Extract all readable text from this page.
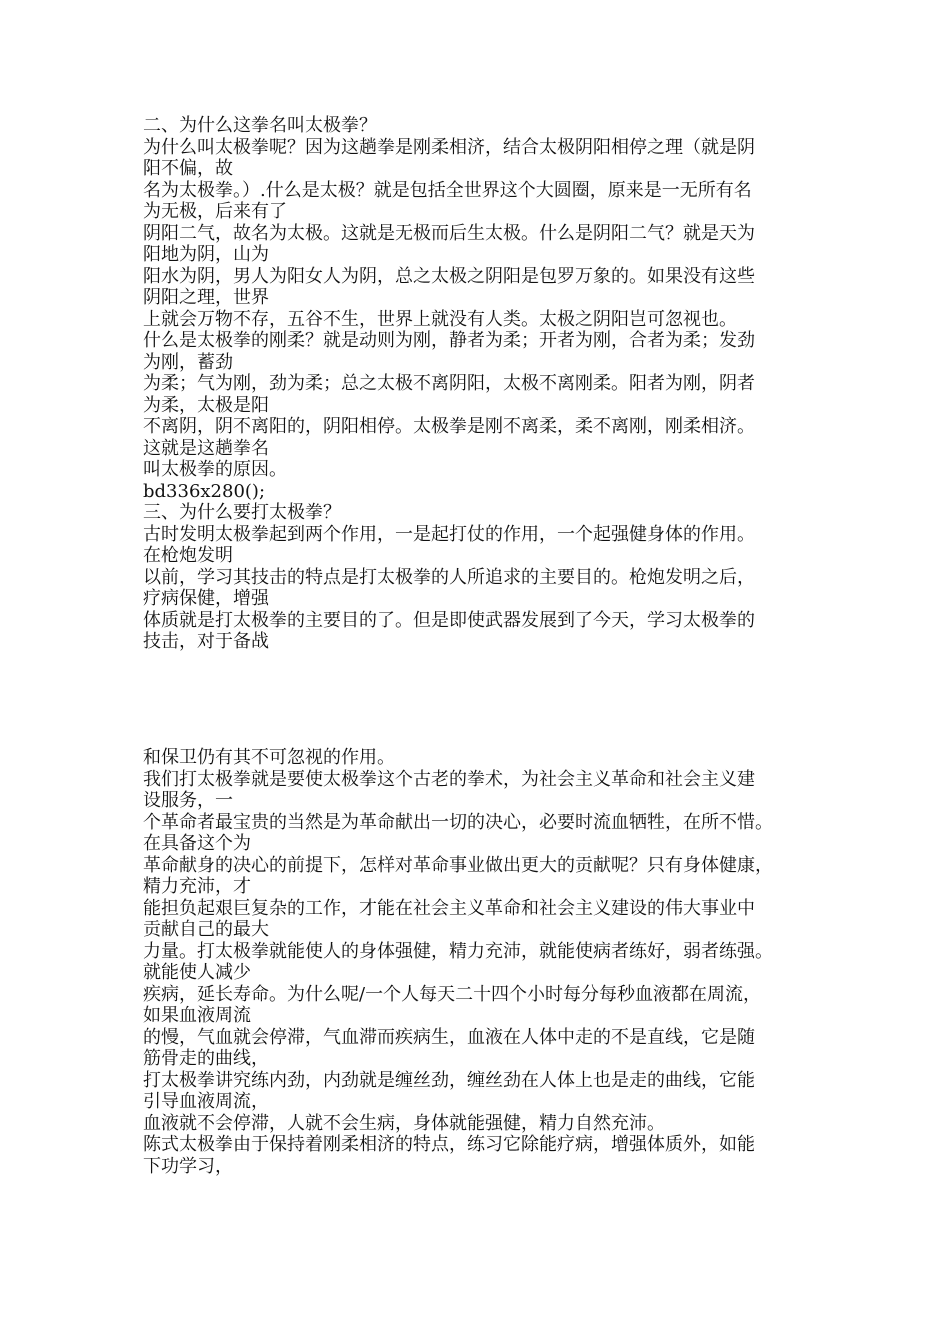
二、为什么这拳名叫太极拳？
为什么叫太极拳呢？因为这趟拳是刚柔相济，结合太极阴阳相停之理（就是阴
阳不偏，故
名为太极拳。）.什么是太极？就是包括全世界这个大圆圈，原来是一无所有名
为无极，后来有了
阴阳二气，故名为太极。这就是无极而后生太极。什么是阴阳二气？就是天为
阳地为阴，山为
阳水为阴，男人为阳女人为阴，总之太极之阴阳是包罗万象的。如果没有这些
阴阳之理，世界
上就会万物不存，五谷不生，世界上就没有人类。太极之阴阳岂可忽视也。
什么是太极拳的刚柔？就是动则为刚，静者为柔；开者为刚，合者为柔；发劲
为刚，蓄劲
为柔；气为刚，劲为柔；总之太极不离阴阳，太极不离刚柔。阳者为刚，阴者
为柔，太极是阳
不离阴，阴不离阳的，阴阳相停。太极拳是刚不离柔，柔不离刚，刚柔相济。
这就是这趟拳名
叫太极拳的原因。
bd336x280();
三、为什么要打太极拳？
古时发明太极拳起到两个作用，一是起打仗的作用，一个起强健身体的作用。
在枪炮发明
以前，学习其技击的特点是打太极拳的人所追求的主要目的。枪炮发明之后，
疗病保健，增强
体质就是打太极拳的主要目的了。但是即使武器发展到了今天，学习太极拳的
技击，对于备战
和保卫仍有其不可忽视的作用。
我们打太极拳就是要使太极拳这个古老的拳术，为社会主义革命和社会主义建
设服务，一
个革命者最宝贵的当然是为革命献出一切的决心，必要时流血牺牲，在所不惜。
在具备这个为
革命献身的决心的前提下，怎样对革命事业做出更大的贡献呢？只有身体健康，
精力充沛，才
能担负起艰巨复杂的工作，才能在社会主义革命和社会主义建设的伟大事业中
贡献自己的最大
力量。打太极拳就能使人的身体强健，精力充沛，就能使病者练好，弱者练强。
就能使人减少
疾病，延长寿命。为什么呢/一个人每天二十四个小时每分每秒血液都在周流，
如果血液周流
的慢，气血就会停滞，气血滞而疾病生，血液在人体中走的不是直线，它是随
筋骨走的曲线，
打太极拳讲究练内劲，内劲就是缠丝劲，缠丝劲在人体上也是走的曲线，它能
引导血液周流，
血液就不会停滞，人就不会生病，身体就能强健，精力自然充沛。
陈式太极拳由于保持着刚柔相济的特点，练习它除能疗病，增强体质外，如能
下功学习，
